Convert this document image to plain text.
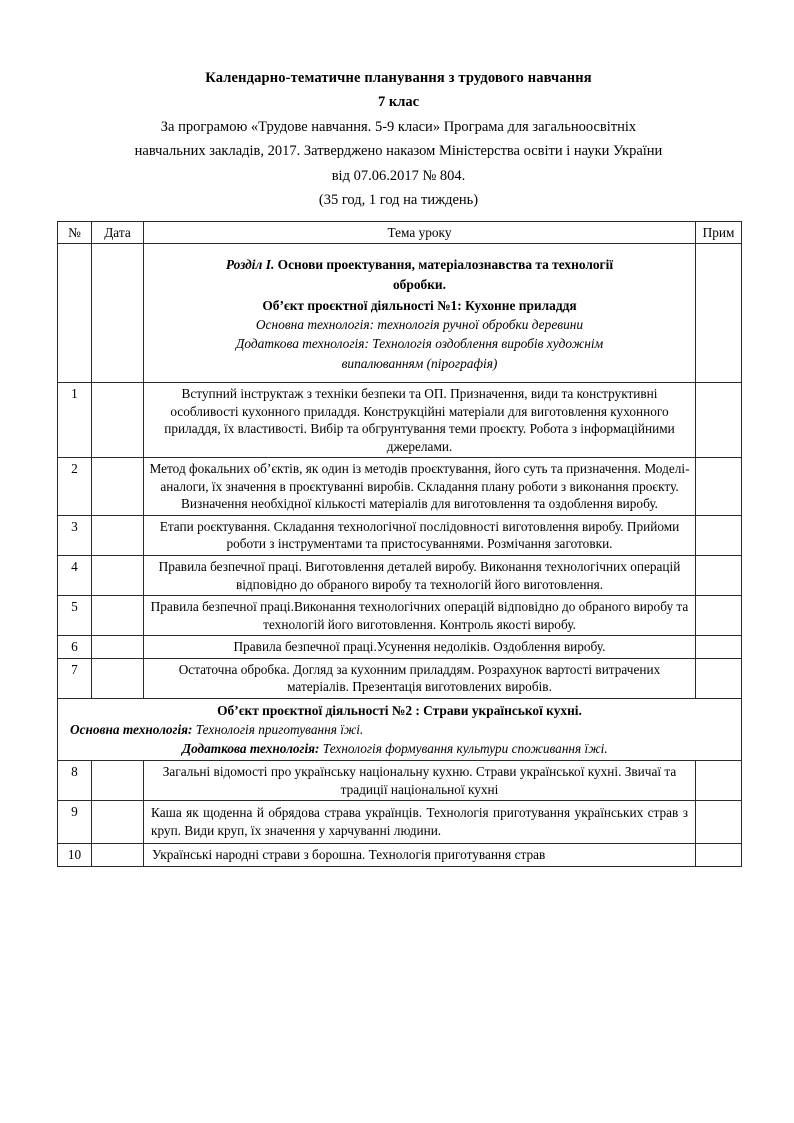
Календарно-тематичне планування з трудового навчання
7 клас
За програмою «Трудове навчання. 5-9 класи» Програма для загальноосвітніх
навчальних закладів, 2017. Затверджено наказом Міністерства освіти і науки України
від 07.06.2017 № 804.
(35 год, 1 год на тиждень)
№	Дата	Тема уроку	Прим

Розділ I. Основи проектування, матеріалознавства та технології
обробки.
Об’єкт проєктної діяльності №1: Кухонне приладдя
Основна технологія: технологія ручної обробки деревини
Додаткова технологія: Технологія оздоблення виробів художнім
випалюванням (пірографія)

1		Вступний інструктаж з техніки безпеки та ОП. Призначення, види та конструктивні особливості кухонного приладдя. Конструкційні матеріали для виготовлення кухонного приладдя, їх властивості. Вибір та обгрунтування теми проєкту. Робота з інформаційними джерелами.	
2		Метод фокальних об’єктів, як один із методів проєктування, його суть та призначення. Моделі-аналоги, їх значення в проєктуванні виробів. Складання плану роботи з виконання проєкту. Визначення необхідної кількості матеріалів для виготовлення та оздоблення виробу.	
3		Етапи роєктування. Складання технологічної послідовності виготовлення виробу. Прийоми роботи з інструментами та пристосуваннями. Розмічання заготовки.	
4		Правила безпечної праці. Виготовлення деталей виробу. Виконання технологічних операцій відповідно до обраного виробу та технологій його виготовлення.	
5		Правила безпечної праці.Виконання технологічних операцій відповідно до обраного виробу та технологій його виготовлення. Контроль якості виробу.	
6		Правила безпечної праці.Усунення недоліків. Оздоблення виробу.	
7		Остаточна обробка. Догляд за кухонним приладдям. Розрахунок вартості витрачених матеріалів. Презентація виготовлених виробів.	

Об’єкт проєктної діяльності №2 : Страви української кухні.
Основна технологія: Технологія приготування їжі.
Додаткова технологія: Технологія формування культури споживання їжі.			

8		Загальні відомості про українську національну кухню. Страви української кухні. Звичаї та традиції національної кухні	
9		Каша як щоденна й обрядова страва українців. Технологія приготування українських страв з круп. Види круп, їх значення у харчуванні людини.	
10		Українські народні страви з борошна. Технологія приготування страв	
